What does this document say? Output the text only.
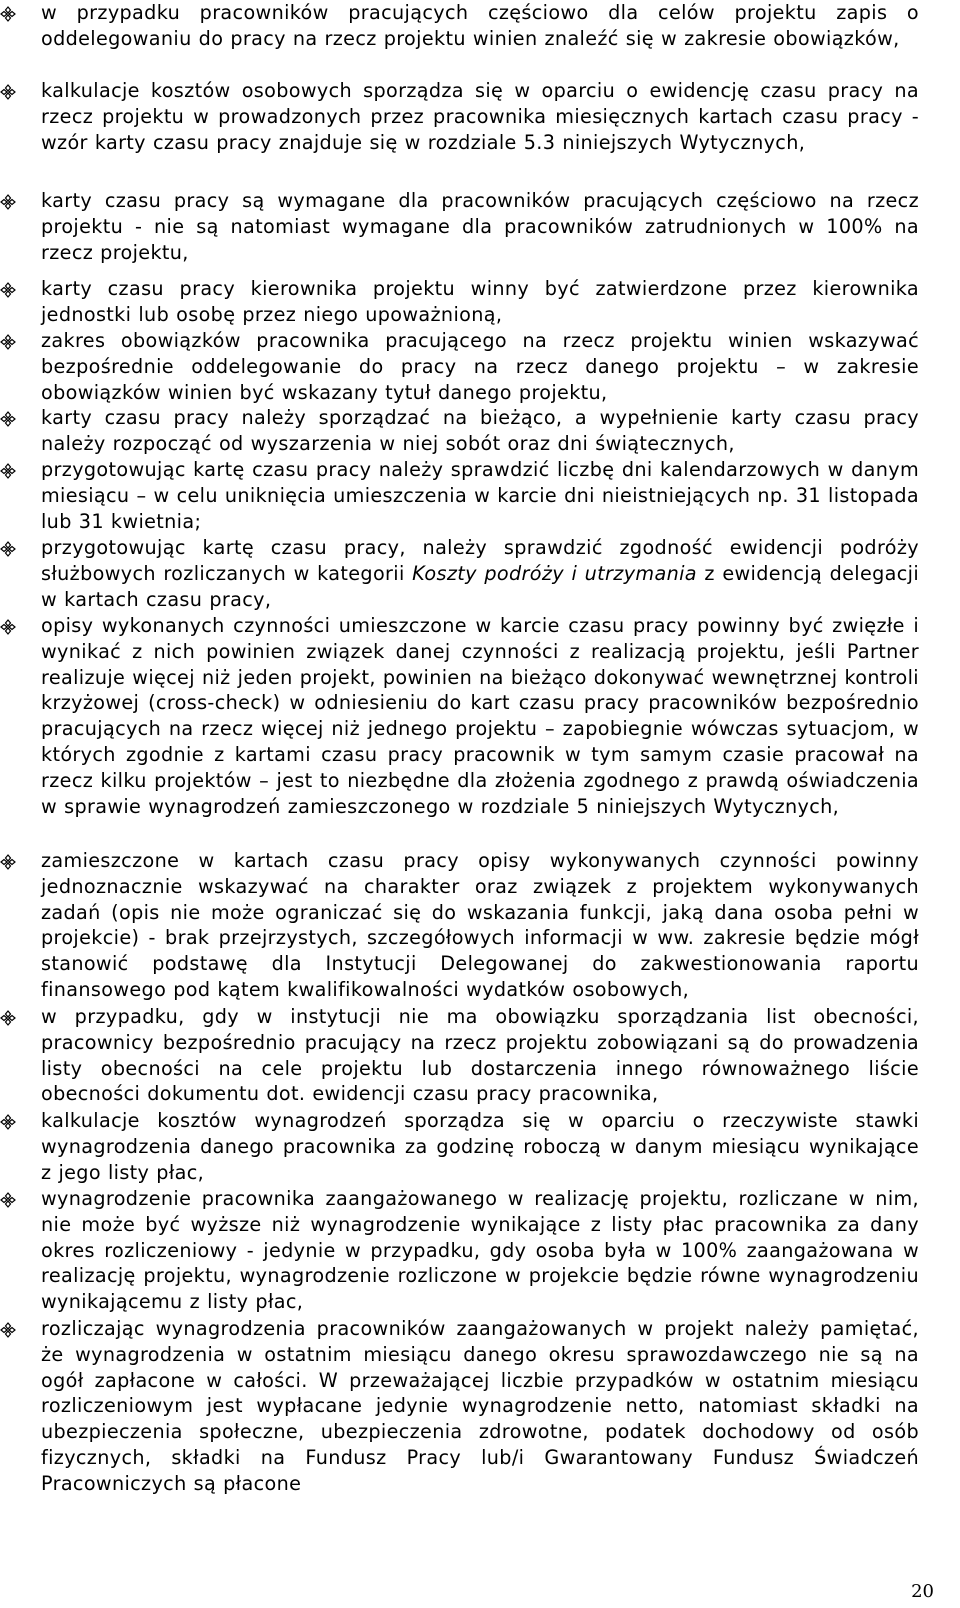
w przypadku pracowników pracujących częściowo dla celów projektu zapis o oddelegowaniu do pracy na rzecz projektu winien znaleźć się w zakresie obowiązków,
kalkulacje kosztów osobowych sporządza się w oparciu o ewidencję czasu pracy na rzecz projektu w prowadzonych przez pracownika miesięcznych kartach czasu pracy - wzór karty czasu pracy znajduje się w rozdziale 5.3 niniejszych Wytycznych,
karty czasu pracy są wymagane dla pracowników pracujących częściowo na rzecz projektu - nie są natomiast wymagane dla pracowników zatrudnionych w 100% na rzecz projektu,
karty czasu pracy kierownika projektu winny być zatwierdzone przez kierownika jednostki lub osobę przez niego upoważnioną,
zakres obowiązków pracownika pracującego na rzecz projektu winien wskazywać bezpośrednie oddelegowanie do pracy na rzecz danego projektu – w zakresie obowiązków winien być wskazany tytuł danego projektu,
karty czasu pracy należy sporządzać na bieżąco, a wypełnienie karty czasu pracy należy rozpocząć od wyszarzenia w niej sobót oraz dni świątecznych,
przygotowując kartę czasu pracy należy sprawdzić liczbę dni kalendarzowych w danym miesiącu – w celu uniknięcia umieszczenia w karcie dni nieistniejących np. 31 listopada lub 31 kwietnia;
przygotowując kartę czasu pracy, należy sprawdzić zgodność ewidencji podróży służbowych rozliczanych w kategorii Koszty podróży i utrzymania z ewidencją delegacji w kartach czasu pracy,
opisy wykonanych czynności umieszczone w karcie czasu pracy powinny być zwięzłe i wynikać z nich powinien związek danej czynności z realizacją projektu, jeśli Partner realizuje więcej niż jeden projekt, powinien na bieżąco dokonywać wewnętrznej kontroli krzyżowej (cross-check) w odniesieniu do kart czasu pracy pracowników bezpośrednio pracujących na rzecz więcej niż jednego projektu – zapobiegnie wówczas sytuacjom, w których zgodnie z kartami czasu pracy pracownik w tym samym czasie pracował na rzecz kilku projektów – jest to niezbędne dla złożenia zgodnego z prawdą oświadczenia w sprawie wynagrodzeń zamieszczonego w rozdziale 5 niniejszych Wytycznych,
zamieszczone w kartach czasu pracy opisy wykonywanych czynności powinny jednoznacznie wskazywać na charakter oraz związek z projektem wykonywanych zadań (opis nie może ograniczać się do wskazania funkcji, jaką dana osoba pełni w projekcie) - brak przejrzystych, szczegółowych informacji w ww. zakresie będzie mógł stanowić podstawę dla Instytucji Delegowanej do zakwestionowania raportu finansowego pod kątem kwalifikowalności wydatków osobowych,
w przypadku, gdy w instytucji nie ma obowiązku sporządzania list obecności, pracownicy bezpośrednio pracujący na rzecz projektu zobowiązani są do prowadzenia listy obecności na cele projektu lub dostarczenia innego równoważnego liście obecności dokumentu dot. ewidencji czasu pracy pracownika,
kalkulacje kosztów wynagrodzeń sporządza się w oparciu o rzeczywiste stawki wynagrodzenia danego pracownika za godzinę roboczą w danym miesiącu wynikające z jego listy płac,
wynagrodzenie pracownika zaangażowanego w realizację projektu, rozliczane w nim, nie może być wyższe niż wynagrodzenie wynikające z listy płac pracownika za dany okres rozliczeniowy - jedynie w przypadku, gdy osoba była w 100% zaangażowana w realizację projektu, wynagrodzenie rozliczone w projekcie będzie równe wynagrodzeniu wynikającemu z listy płac,
rozliczając wynagrodzenia pracowników zaangażowanych w projekt należy pamiętać, że wynagrodzenia w ostatnim miesiącu danego okresu sprawozdawczego nie są na ogół zapłacone w całości. W przeważającej liczbie przypadków w ostatnim miesiącu rozliczeniowym jest wypłacane jedynie wynagrodzenie netto, natomiast składki na ubezpieczenia społeczne, ubezpieczenia zdrowotne, podatek dochodowy od osób fizycznych, składki na Fundusz Pracy lub/i Gwarantowany Fundusz Świadczeń Pracowniczych są płacone
20
